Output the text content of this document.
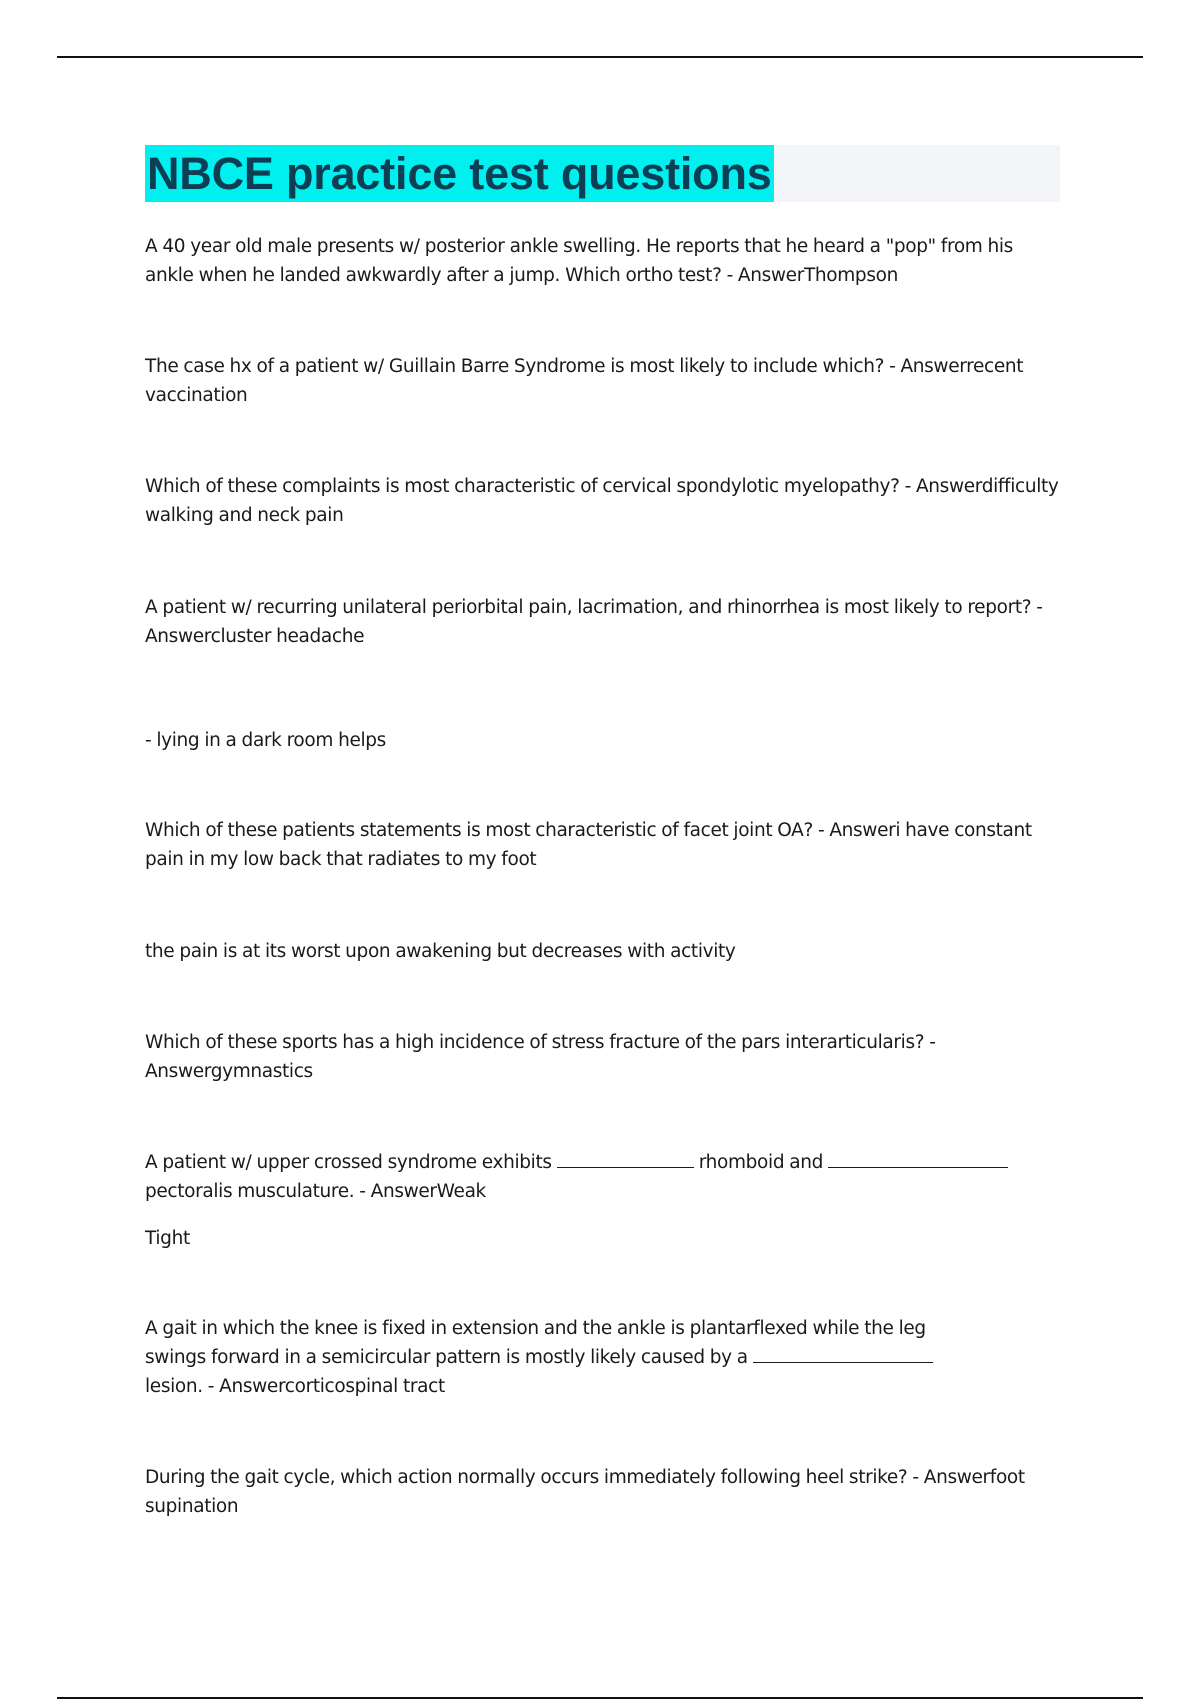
NBCE practice test questions

A 40 year old male presents w/ posterior ankle swelling. He reports that he heard a "pop" from his ankle when he landed awkwardly after a jump. Which ortho test? - AnswerThompson

The case hx of a patient w/ Guillain Barre Syndrome is most likely to include which? - Answerrecent vaccination

Which of these complaints is most characteristic of cervical spondylotic myelopathy? - Answerdifficulty walking and neck pain

A patient w/ recurring unilateral periorbital pain, lacrimation, and rhinorrhea is most likely to report? - Answercluster headache

- lying in a dark room helps

Which of these patients statements is most characteristic of facet joint OA? - Answeri have constant pain in my low back that radiates to my foot

the pain is at its worst upon awakening but decreases with activity

Which of these sports has a high incidence of stress fracture of the pars interarticularis? - Answergymnastics

A patient w/ upper crossed syndrome exhibits	rhomboid and
pectoralis musculature. - AnswerWeak

Tight

A gait in which the knee is fixed in extension and the ankle is plantarflexed while the leg swings forward in a semicircular pattern is mostly likely caused by a  lesion. - Answercorticospinal tract

During the gait cycle, which action normally occurs immediately following heel strike? - Answerfoot supination
